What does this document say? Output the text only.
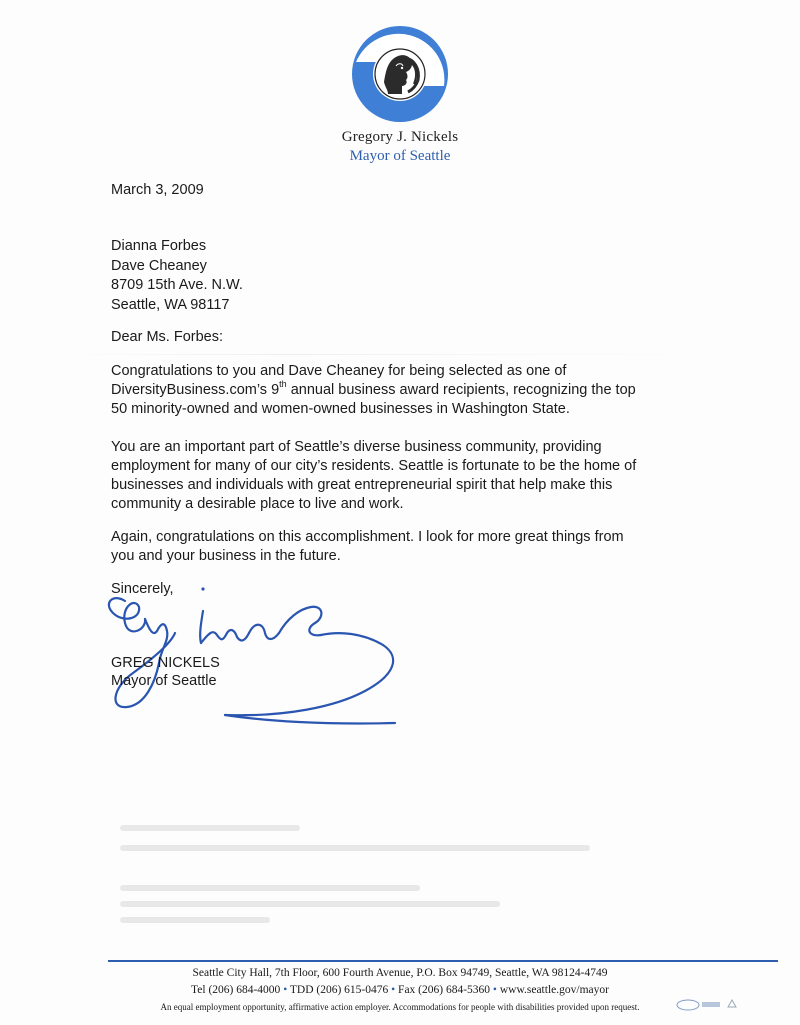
Gregory J. Nickels
Mayor of Seattle
March 3, 2009
Dianna Forbes
Dave Cheaney
8709 15th Ave. N.W.
Seattle, WA 98117
Dear Ms. Forbes:
Congratulations to you and Dave Cheaney for being selected as one of
DiversityBusiness.com’s 9th annual business award recipients, recognizing the top
50 minority-owned and women-owned businesses in Washington State.
You are an important part of Seattle’s diverse business community, providing
employment for many of our city’s residents. Seattle is fortunate to be the home of
businesses and individuals with great entrepreneurial spirit that help make this
community a desirable place to live and work.
Again, congratulations on this accomplishment. I look for more great things from
you and your business in the future.
Sincerely,
GREG NICKELS
Mayor of Seattle
Seattle City Hall, 7th Floor, 600 Fourth Avenue, P.O. Box 94749, Seattle, WA 98124-4749
Tel (206) 684-4000 • TDD (206) 615-0476 • Fax (206) 684-5360 • www.seattle.gov/mayor
An equal employment opportunity, affirmative action employer. Accommodations for people with disabilities provided upon request.
